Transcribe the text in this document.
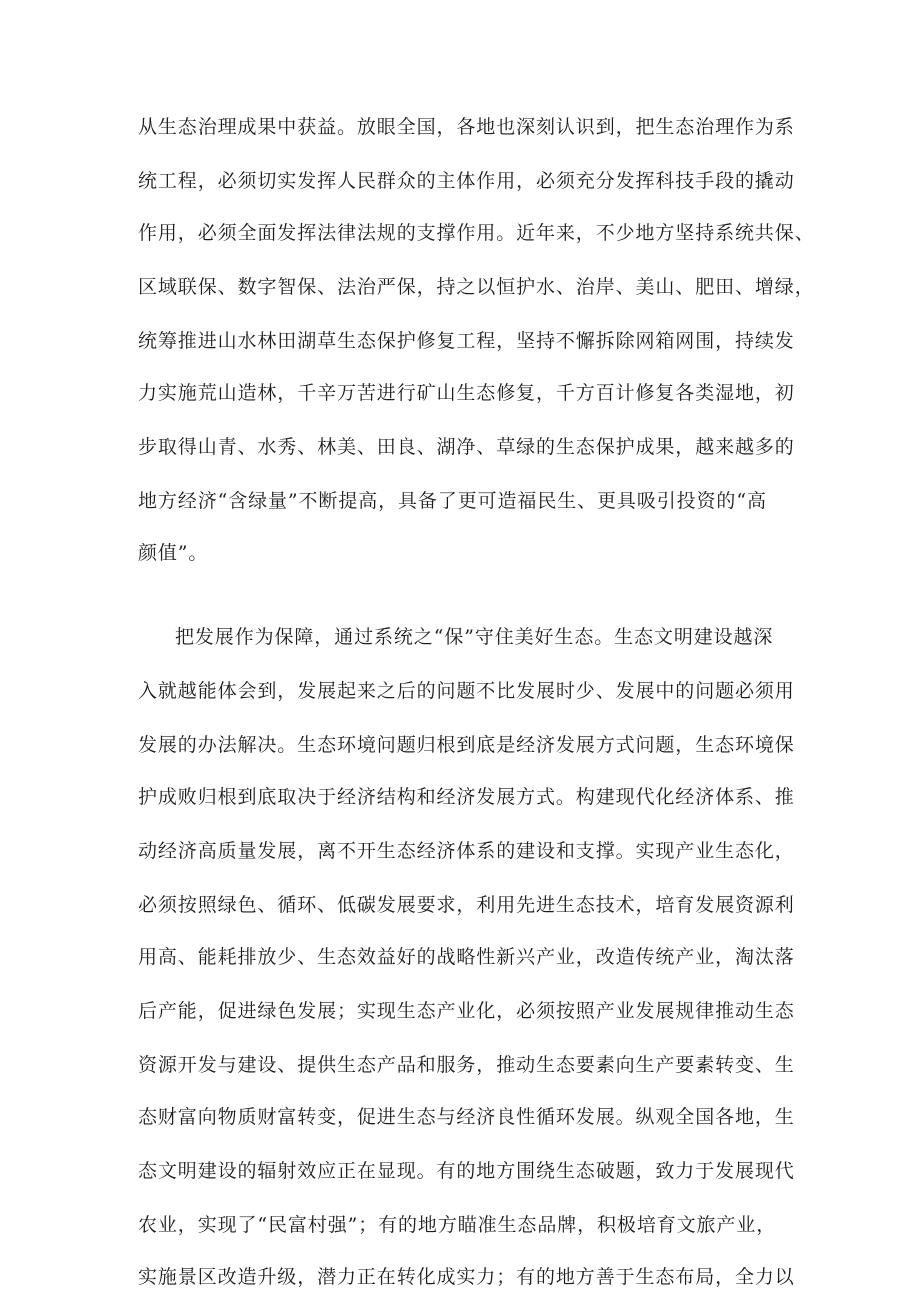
从生态治理成果中获益。放眼全国，各地也深刻认识到，把生态治理作为系
统工程，必须切实发挥人民群众的主体作用，必须充分发挥科技手段的撬动
作用，必须全面发挥法律法规的支撑作用。近年来，不少地方坚持系统共保、
区域联保、数字智保、法治严保，持之以恒护水、治岸、美山、肥田、增绿，
统筹推进山水林田湖草生态保护修复工程，坚持不懈拆除网箱网围，持续发
力实施荒山造林，千辛万苦进行矿山生态修复，千方百计修复各类湿地，初
步取得山青、水秀、林美、田良、湖净、草绿的生态保护成果，越来越多的
地方经济“含绿量”不断提高，具备了更可造福民生、更具吸引投资的“高
颜值”。
把发展作为保障，通过系统之“保”守住美好生态。生态文明建设越深
入就越能体会到，发展起来之后的问题不比发展时少、发展中的问题必须用
发展的办法解决。生态环境问题归根到底是经济发展方式问题，生态环境保
护成败归根到底取决于经济结构和经济发展方式。构建现代化经济体系、推
动经济高质量发展，离不开生态经济体系的建设和支撑。实现产业生态化，
必须按照绿色、循环、低碳发展要求，利用先进生态技术，培育发展资源利
用高、能耗排放少、生态效益好的战略性新兴产业，改造传统产业，淘汰落
后产能，促进绿色发展；实现生态产业化，必须按照产业发展规律推动生态
资源开发与建设、提供生态产品和服务，推动生态要素向生产要素转变、生
态财富向物质财富转变，促进生态与经济良性循环发展。纵观全国各地，生
态文明建设的辐射效应正在显现。有的地方围绕生态破题，致力于发展现代
农业，实现了“民富村强”；有的地方瞄准生态品牌，积极培育文旅产业，
实施景区改造升级，潜力正在转化成实力；有的地方善于生态布局，全力以
